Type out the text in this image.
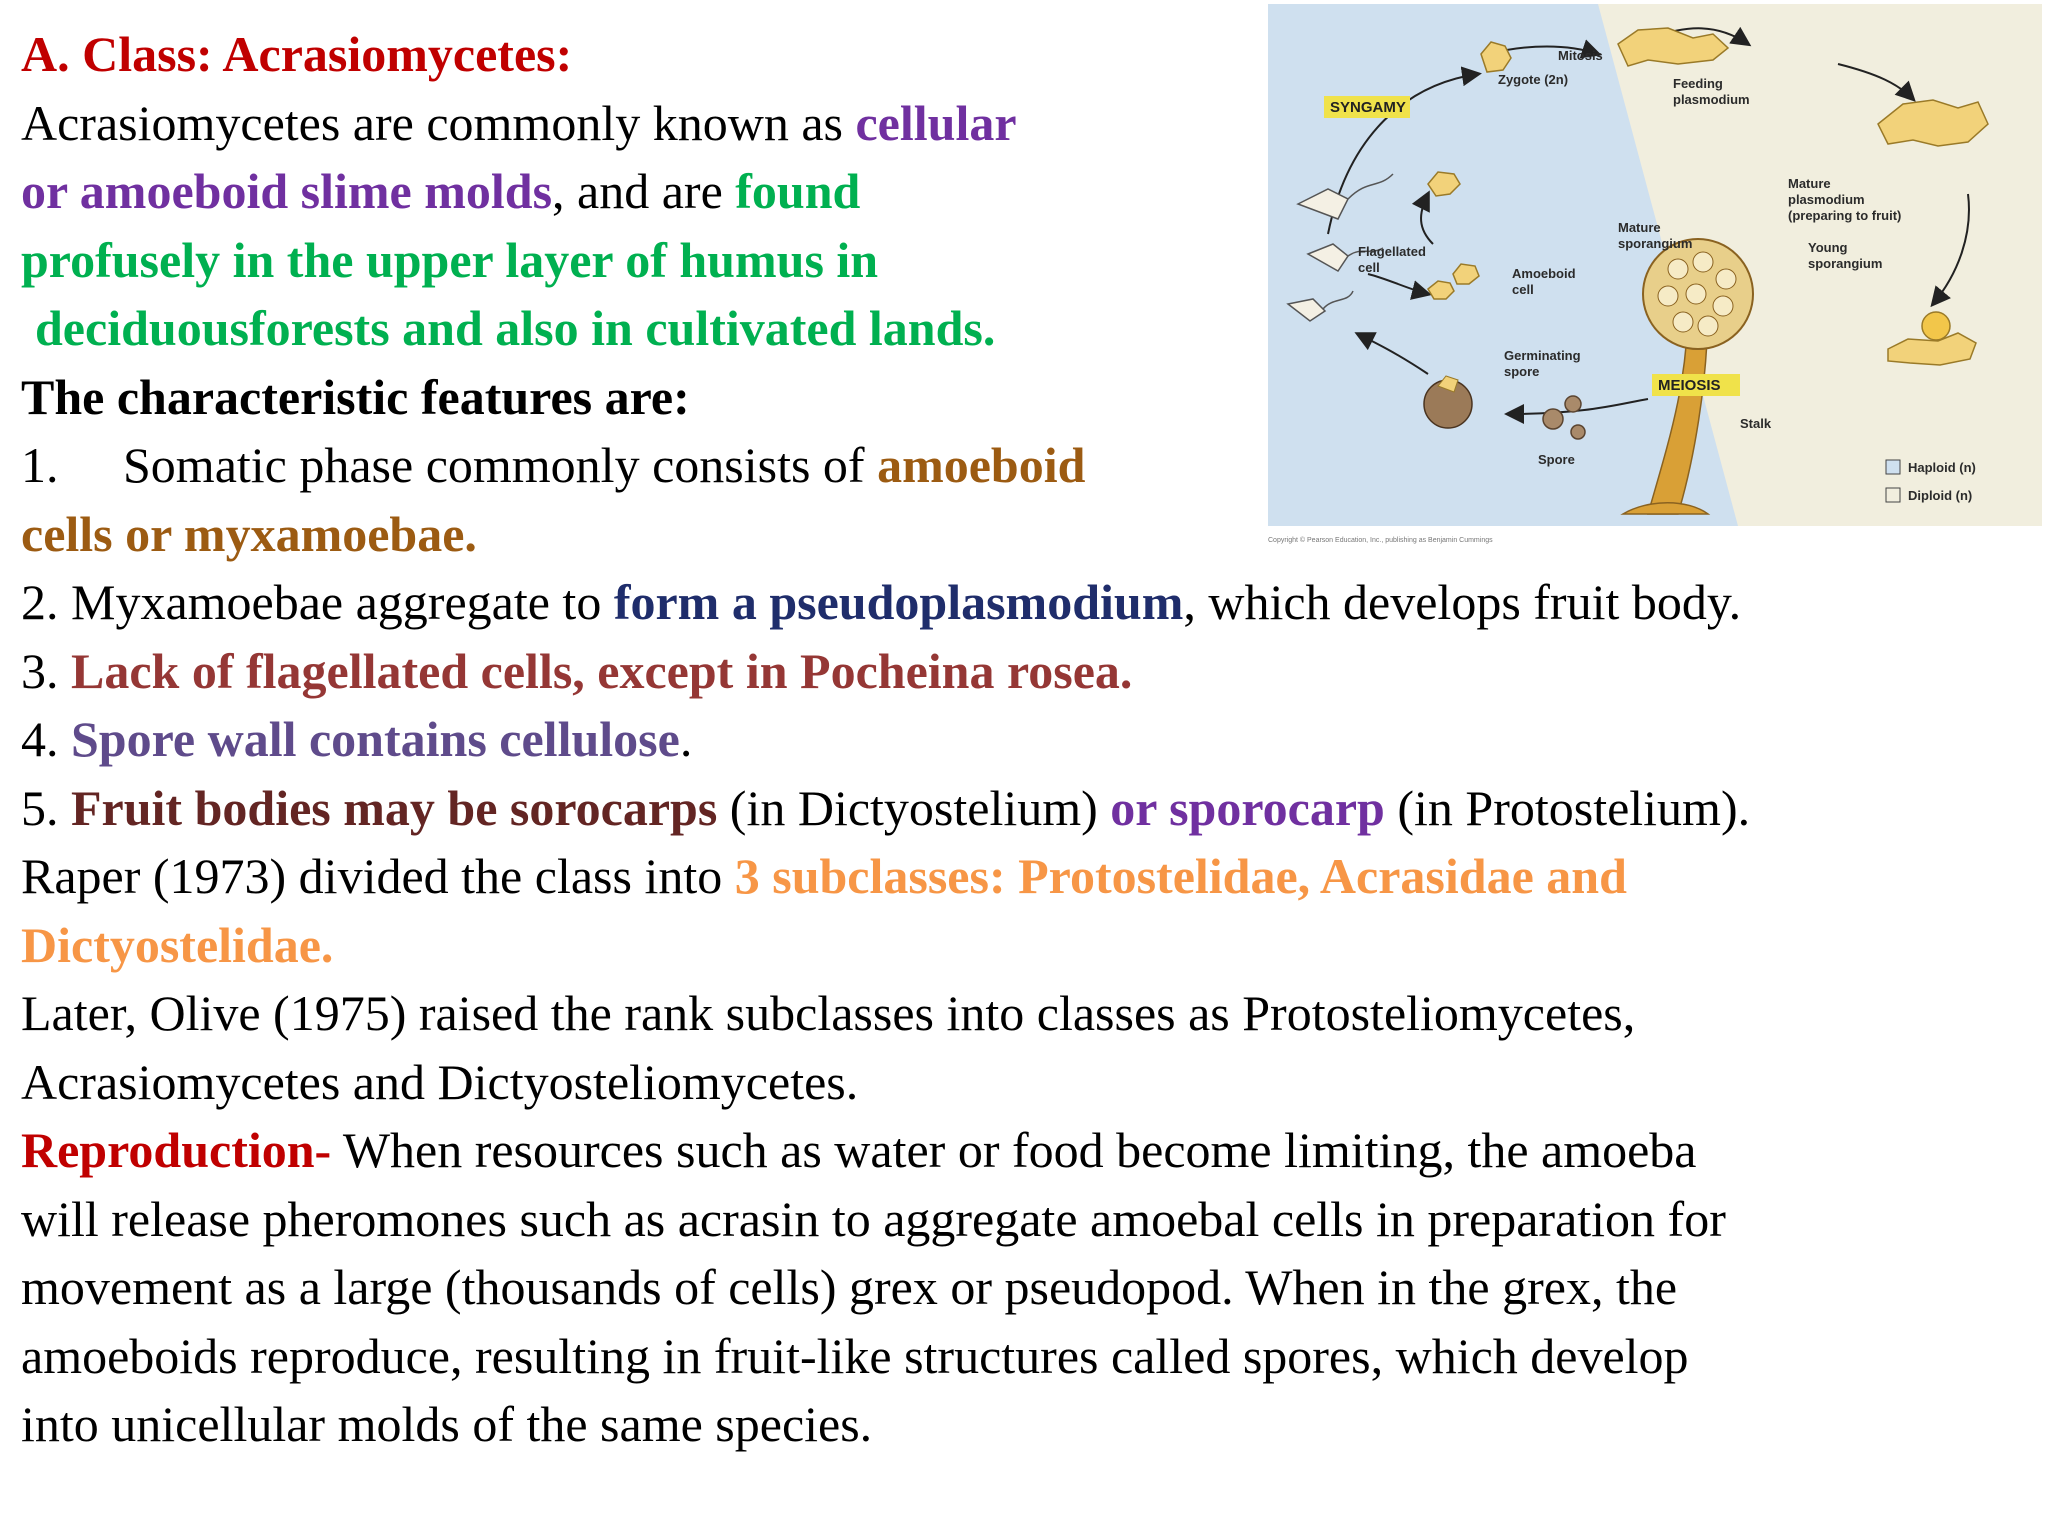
A. Class: Acrasiomycetes:
Acrasiomycetes are commonly known as cellular
or amoeboid slime molds, and are found
profusely in the upper layer of humus in
deciduousforests and also in cultivated lands.
The characteristic features are:
1. Somatic phase commonly consists of amoeboid
cells or myxamoebae.
2. Myxamoebae aggregate to form a pseudoplasmodium, which develops fruit body.
3. Lack of flagellated cells, except in Pocheina rosea.
4. Spore wall contains cellulose.
5. Fruit bodies may be sorocarps (in Dictyostelium) or sporocarp (in Protostelium).
Raper (1973) divided the class into 3 subclasses: Protostelidae, Acrasidae and
Dictyostelidae.
Later, Olive (1975) raised the rank subclasses into classes as Protosteliomycetes,
Acrasiomycetes and Dictyosteliomycetes.
Reproduction- When resources such as water or food become limiting, the amoeba
will release pheromones such as acrasin to aggregate amoebal cells in preparation for
movement as a large (thousands of cells) grex or pseudopod. When in the grex, the
amoeboids reproduce, resulting in fruit-like structures called spores, which develop
into unicellular molds of the same species.
SYNGAMY
Zygote (2n)
Mitosis
Feeding
plasmodium
Mature
plasmodium
(preparing to fruit)
Mature
sporangium	Young
sporangium
Flagellated
cell	Amoeboid
cell
Germinating
spore
MEIOSIS
Stalk
Spore
Haploid (n)
Diploid (n)
Copyright © Pearson Education, Inc., publishing as Benjamin Cummings
